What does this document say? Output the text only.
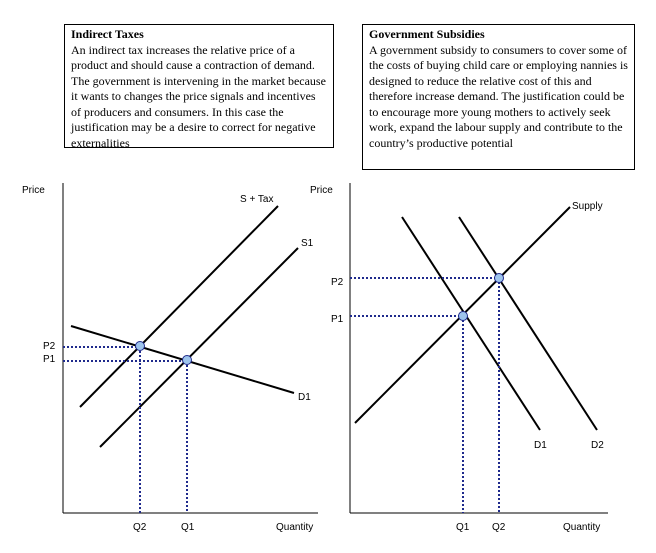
Indirect Taxes
An indirect tax increases the relative price of a product and should cause a contraction of demand. The government is intervening in the market because it wants to changes the price signals and incentives of producers and consumers. In this case the justification may be a desire to correct for negative externalities
Government Subsidies
A government subsidy to consumers to cover some of the costs of buying child care or employing nannies is designed to reduce the relative cost of this and therefore increase demand. The justification could be to encourage more young mothers to actively seek work, expand the labour supply and contribute to the country’s productive potential
Price
Quantity
S + Tax
S1
D1
P2
P1
Q2	Q1
Price
Quantity
Supply
D1	D2
P2
P1
Q1 Q2
